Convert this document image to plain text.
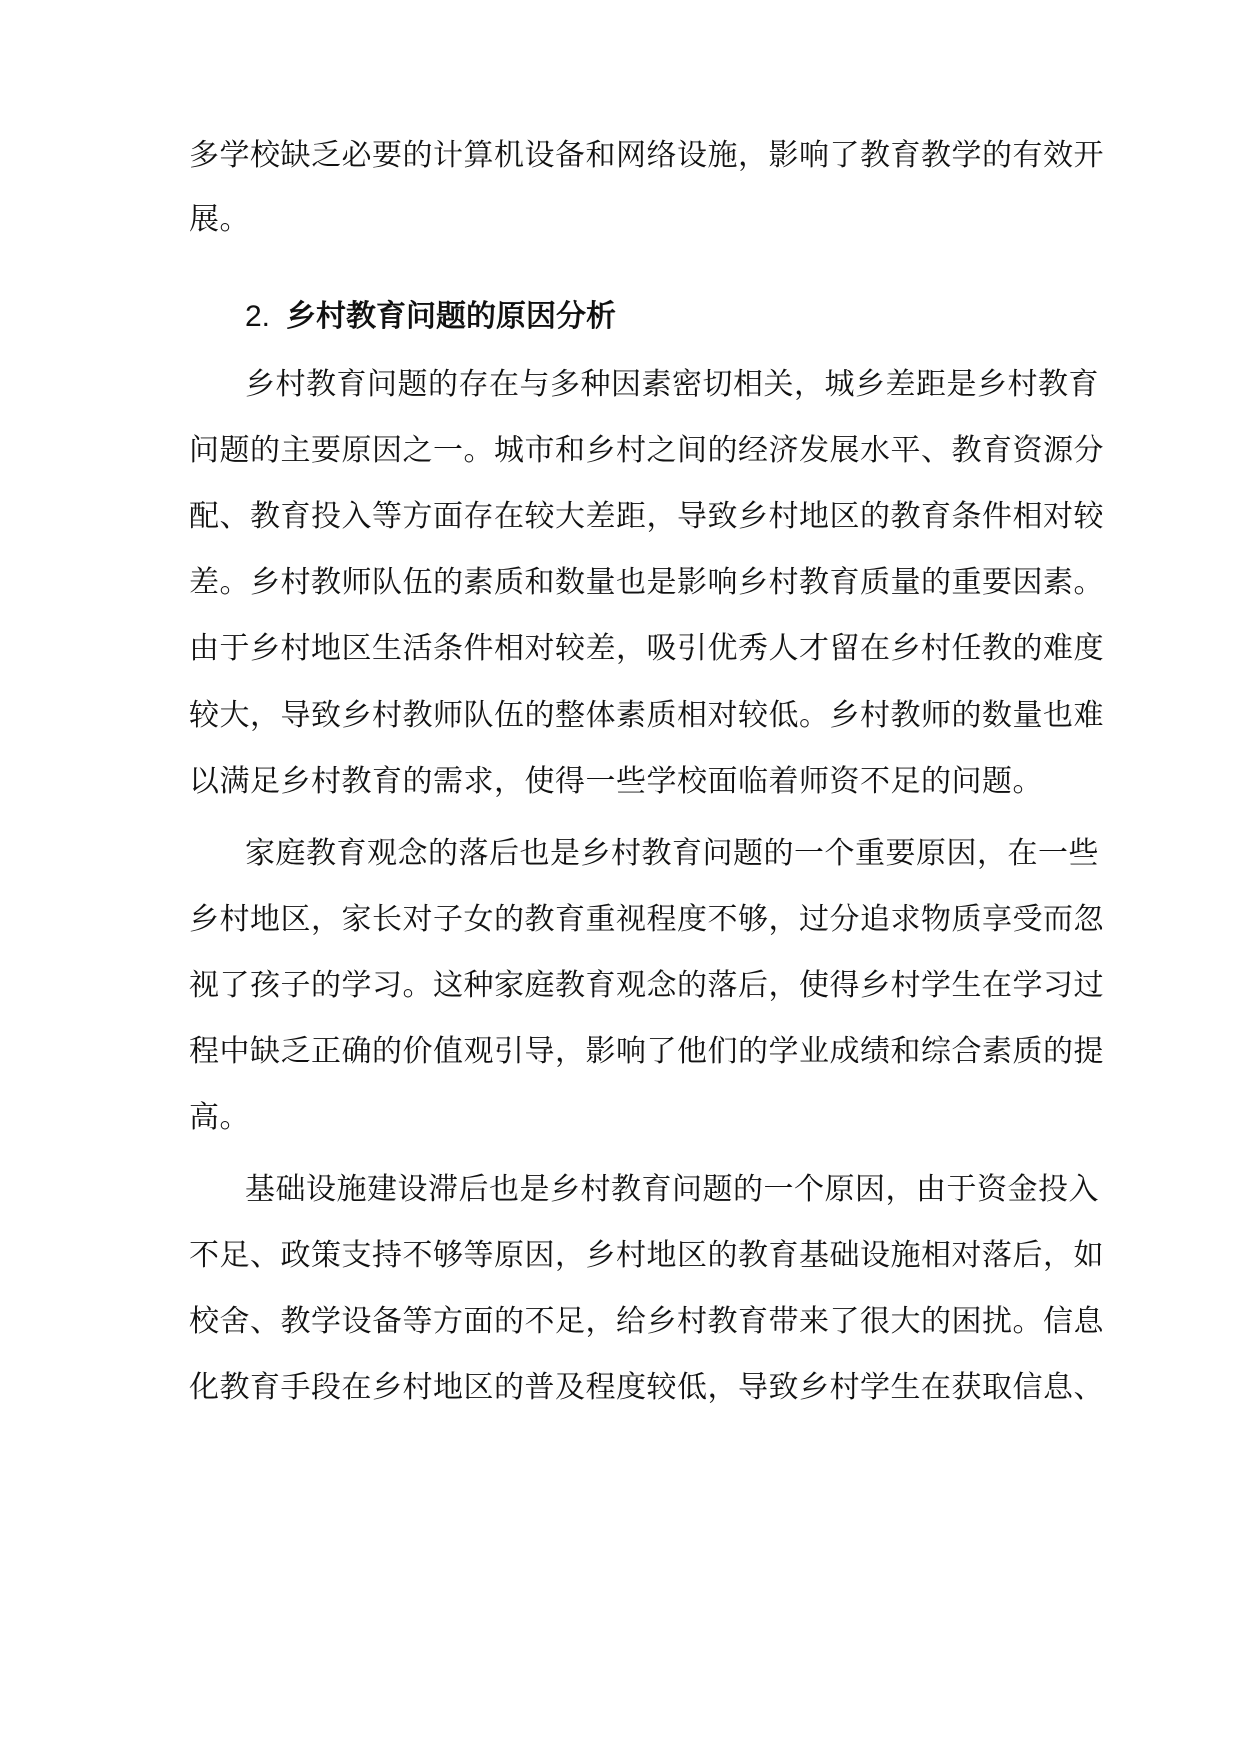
多学校缺乏必要的计算机设备和网络设施，影响了教育教学的有效开
展。
2. 乡村教育问题的原因分析
乡村教育问题的存在与多种因素密切相关，城乡差距是乡村教育
问题的主要原因之一。城市和乡村之间的经济发展水平、教育资源分
配、教育投入等方面存在较大差距，导致乡村地区的教育条件相对较
差。乡村教师队伍的素质和数量也是影响乡村教育质量的重要因素。
由于乡村地区生活条件相对较差，吸引优秀人才留在乡村任教的难度
较大，导致乡村教师队伍的整体素质相对较低。乡村教师的数量也难
以满足乡村教育的需求，使得一些学校面临着师资不足的问题。
家庭教育观念的落后也是乡村教育问题的一个重要原因，在一些
乡村地区，家长对子女的教育重视程度不够，过分追求物质享受而忽
视了孩子的学习。这种家庭教育观念的落后，使得乡村学生在学习过
程中缺乏正确的价值观引导，影响了他们的学业成绩和综合素质的提
高。
基础设施建设滞后也是乡村教育问题的一个原因，由于资金投入
不足、政策支持不够等原因，乡村地区的教育基础设施相对落后，如
校舍、教学设备等方面的不足，给乡村教育带来了很大的困扰。信息
化教育手段在乡村地区的普及程度较低，导致乡村学生在获取信息、
